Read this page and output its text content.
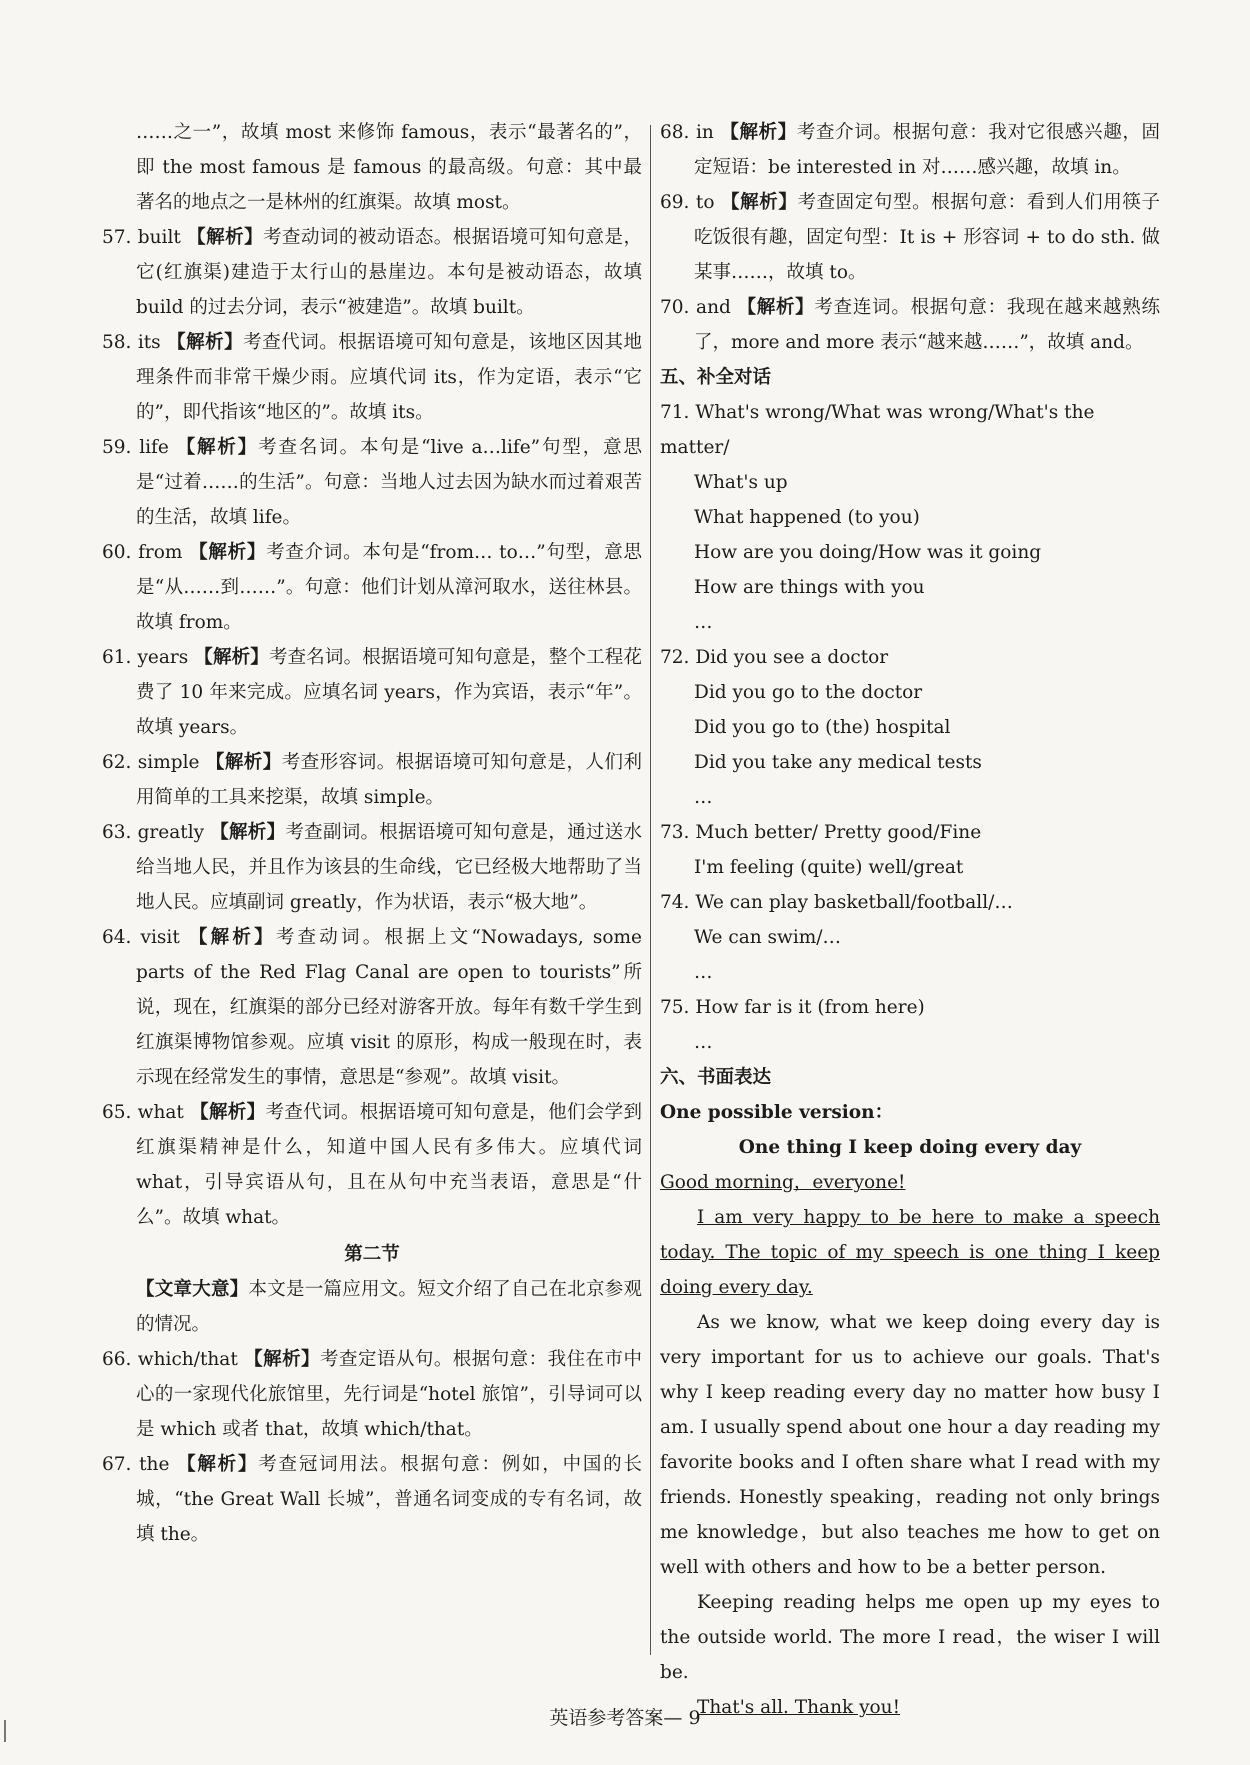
……之一”，故填 most 来修饰 famous，表示“最著名的”，即 the most famous 是 famous 的最高级。句意：其中最著名的地点之一是林州的红旗渠。故填 most。

57. built 【解析】考查动词的被动语态。根据语境可知句意是，它(红旗渠)建造于太行山的悬崖边。本句是被动语态，故填 build 的过去分词，表示“被建造”。故填 built。

58. its 【解析】考查代词。根据语境可知句意是，该地区因其地理条件而非常干燥少雨。应填代词 its，作为定语，表示“它的”，即代指该“地区的”。故填 its。

59. life 【解析】考查名词。本句是“live a…life”句型，意思是“过着……的生活”。句意：当地人过去因为缺水而过着艰苦的生活，故填 life。

60. from 【解析】考查介词。本句是“from… to…”句型，意思是“从……到……”。句意：他们计划从漳河取水，送往林县。故填 from。

61. years 【解析】考查名词。根据语境可知句意是，整个工程花费了 10 年来完成。应填名词 years，作为宾语，表示“年”。故填 years。

62. simple 【解析】考查形容词。根据语境可知句意是，人们利用简单的工具来挖渠，故填 simple。

63. greatly 【解析】考查副词。根据语境可知句意是，通过送水给当地人民，并且作为该县的生命线，它已经极大地帮助了当地人民。应填副词 greatly，作为状语，表示“极大地”。

64. visit 【解析】考查动词。根据上文“Nowadays, some parts of the Red Flag Canal are open to tourists”所说，现在，红旗渠的部分已经对游客开放。每年有数千学生到红旗渠博物馆参观。应填 visit 的原形，构成一般现在时，表示现在经常发生的事情，意思是“参观”。故填 visit。

65. what 【解析】考查代词。根据语境可知句意是，他们会学到红旗渠精神是什么，知道中国人民有多伟大。应填代词 what，引导宾语从句，且在从句中充当表语，意思是“什么”。故填 what。

第二节

【文章大意】本文是一篇应用文。短文介绍了自己在北京参观的情况。

66. which/that 【解析】考查定语从句。根据句意：我住在市中心的一家现代化旅馆里，先行词是“hotel 旅馆”，引导词可以是 which 或者 that，故填 which/that。

67. the 【解析】考查冠词用法。根据句意：例如，中国的长城，“the Great Wall 长城”，普通名词变成的专有名词，故填 the。

68. in 【解析】考查介词。根据句意：我对它很感兴趣，固定短语：be interested in 对……感兴趣，故填 in。

69. to 【解析】考查固定句型。根据句意：看到人们用筷子吃饭很有趣，固定句型：It is + 形容词 + to do sth. 做某事……，故填 to。

70. and 【解析】考查连词。根据句意：我现在越来越熟练了，more and more 表示“越来越……”，故填 and。

五、补全对话

71. What's wrong/What was wrong/What's the matter/

What's up

What happened (to you)

How are you doing/How was it going

How are things with you

…

72. Did you see a doctor

Did you go to the doctor

Did you go to (the) hospital

Did you take any medical tests

…

73. Much better/ Pretty good/Fine

I'm feeling (quite) well/great

74. We can play basketball/football/…

We can swim/…

…

75. How far is it (from here)

…

六、书面表达

One possible version：

One thing I keep doing every day

Good morning，everyone!

I am very happy to be here to make a speech today. The topic of my speech is one thing I keep doing every day.

As we know, what we keep doing every day is very important for us to achieve our goals. That's why I keep reading every day no matter how busy I am. I usually spend about one hour a day reading my favorite books and I often share what I read with my friends. Honestly speaking，reading not only brings me knowledge，but also teaches me how to get on well with others and how to be a better person.

Keeping reading helps me open up my eyes to the outside world. The more I read，the wiser I will be.

That's all. Thank you!

英语参考答案— 9
